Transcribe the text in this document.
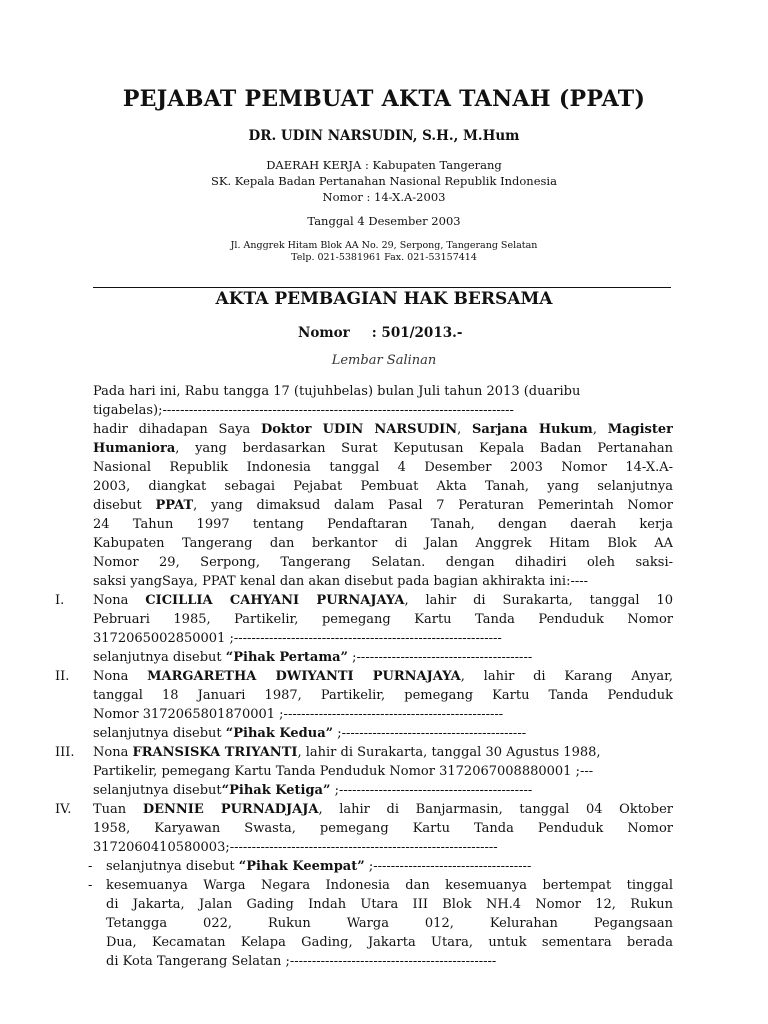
PEJABAT PEMBUAT AKTA TANAH (PPAT)
DR. UDIN NARSUDIN, S.H., M.Hum
DAERAH KERJA : Kabupaten Tangerang
SK. Kepala Badan Pertanahan Nasional Republik Indonesia
Nomor : 14-X.A-2003
Tanggal 4 Desember 2003
Jl. Anggrek Hitam Blok AA No. 29, Serpong, Tangerang Selatan
Telp. 021-5381961 Fax. 021-53157414
AKTA PEMBAGIAN HAK BERSAMA
Nomor : 501/2013.-
Lembar Salinan
Pada hari ini, Rabu tangga 17 (tujuhbelas) bulan Juli tahun 2013 (duaribu
tigabelas);--------------------------------------------------------------------------------
hadir dihadapan Saya Doktor UDIN NARSUDIN, Sarjana Hukum, Magister
Humaniora, yang berdasarkan Surat Keputusan Kepala Badan Pertanahan
Nasional Republik Indonesia tanggal 4 Desember 2003 Nomor 14-X.A-
2003, diangkat sebagai Pejabat Pembuat Akta Tanah, yang selanjutnya
disebut PPAT, yang dimaksud dalam Pasal 7 Peraturan Pemerintah Nomor
24 Tahun 1997 tentang Pendaftaran Tanah, dengan daerah kerja
Kabupaten Tangerang dan berkantor di Jalan Anggrek Hitam Blok AA
Nomor 29, Serpong, Tangerang Selatan. dengan dihadiri oleh saksi-
saksi yangSaya, PPAT kenal dan akan disebut pada bagian akhirakta ini:----
I. Nona CICILLIA CAHYANI PURNAJAYA, lahir di Surakarta, tanggal 10
Pebruari 1985, Partikelir, pemegang Kartu Tanda Penduduk Nomor
3172065002850001 ;-------------------------------------------------------------
selanjutnya disebut “Pihak Pertama” ;----------------------------------------
II. Nona MARGARETHA DWIYANTI PURNAJAYA, lahir di Karang Anyar,
tanggal 18 Januari 1987, Partikelir, pemegang Kartu Tanda Penduduk
Nomor 3172065801870001 ;--------------------------------------------------
selanjutnya disebut “Pihak Kedua” ;------------------------------------------
III. Nona FRANSISKA TRIYANTI, lahir di Surakarta, tanggal 30 Agustus 1988,
Partikelir, pemegang Kartu Tanda Penduduk Nomor 3172067008880001 ;---
selanjutnya disebut“Pihak Ketiga” ;--------------------------------------------
IV. Tuan DENNIE PURNADJAJA, lahir di Banjarmasin, tanggal 04 Oktober
1958, Karyawan Swasta, pemegang Kartu Tanda Penduduk Nomor
3172060410580003;-------------------------------------------------------------
- selanjutnya disebut “Pihak Keempat” ;------------------------------------
- kesemuanya Warga Negara Indonesia dan kesemuanya bertempat tinggal
di Jakarta, Jalan Gading Indah Utara III Blok NH.4 Nomor 12, Rukun
Tetangga 022, Rukun Warga 012, Kelurahan Pegangsaan
Dua, Kecamatan Kelapa Gading, Jakarta Utara, untuk sementara berada
di Kota Tangerang Selatan ;-----------------------------------------------
